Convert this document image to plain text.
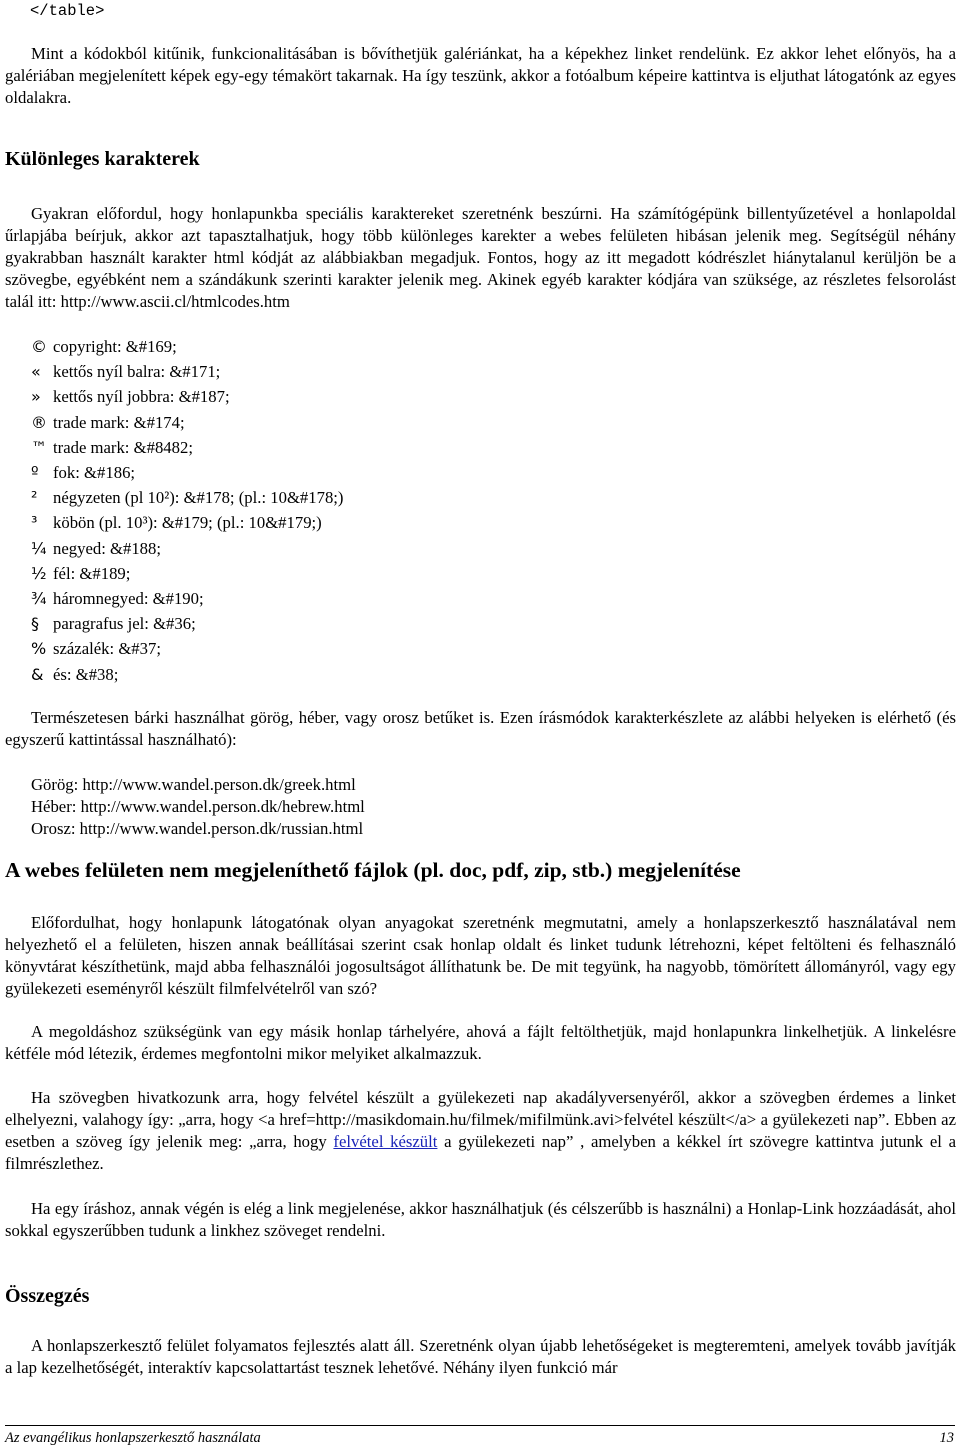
</table>
Mint a kódokból kitűnik, funkcionalitásában is bővíthetjük galériánkat, ha a képekhez linket rendelünk. Ez akkor lehet előnyös, ha a galériában megjelenített képek egy-egy témakört takarnak. Ha így teszünk, akkor a fotóalbum képeire kattintva is eljuthat látogatónk az egyes oldalakra.
Különleges karakterek
Gyakran előfordul, hogy honlapunkba speciális karaktereket szeretnénk beszúrni. Ha számítógépünk billentyűzetével a honlapoldal űrlapjába beírjuk, akkor azt tapasztalhatjuk, hogy több különleges karekter a webes felületen hibásan jelenik meg. Segítségül néhány gyakrabban használt karakter html kódját az alábbiakban megadjuk. Fontos, hogy az itt megadott kódrészlet hiánytalanul kerüljön be a szövegbe, egyébként nem a szándákunk szerinti karakter jelenik meg. Akinek egyéb karakter kódjára van szüksége, az részletes felsorolást talál itt: http://www.ascii.cl/htmlcodes.htm
© copyright: &#169;
« kettős nyíl balra: &#171;
» kettős nyíl jobbra: &#187;
® trade mark: &#174;
™ trade mark: &#8482;
º fok: &#186;
² négyzeten (pl 10²): &#178; (pl.: 10&#178;)
³ köbön (pl. 10³): &#179; (pl.: 10&#179;)
¼ negyed: &#188;
½ fél: &#189;
¾ háromnegyed: &#190;
§ paragrafus jel: &#36;
% százalék: &#37;
& és: &#38;
Természetesen bárki használhat görög, héber, vagy orosz betűket is. Ezen írásmódok karakterkészlete az alábbi helyeken is elérhető (és egyszerű kattintással használható):
Görög: http://www.wandel.person.dk/greek.html
Héber: http://www.wandel.person.dk/hebrew.html
Orosz: http://www.wandel.person.dk/russian.html
A webes felületen nem megjeleníthető fájlok (pl. doc, pdf, zip, stb.) megjelenítése
Előfordulhat, hogy honlapunk látogatónak olyan anyagokat szeretnénk megmutatni, amely a honlapszerkesztő használatával nem helyezhető el a felületen, hiszen annak beállításai szerint csak honlap oldalt és linket tudunk létrehozni, képet feltölteni és felhasználó könyvtárat készíthetünk, majd abba felhasználói jogosultságot állíthatunk be. De mit tegyünk, ha nagyobb, tömörített állományról, vagy egy gyülekezeti eseményről készült filmfelvételről van szó?
A megoldáshoz szükségünk van egy másik honlap tárhelyére, ahová a fájlt feltölthetjük, majd honlapunkra linkelhetjük. A linkelésre kétféle mód létezik, érdemes megfontolni mikor melyiket alkalmazzuk.
Ha szövegben hivatkozunk arra, hogy felvétel készült a gyülekezeti nap akadályversenyéről, akkor a szövegben érdemes a linket elhelyezni, valahogy így: „arra, hogy <a href=http://masikdomain.hu/filmek/mifilmünk.avi>felvétel készült</a> a gyülekezeti nap”. Ebben az esetben a szöveg így jelenik meg: „arra, hogy felvétel készült a gyülekezeti nap” , amelyben a kékkel írt szövegre kattintva jutunk el a filmrészlethez.
Ha egy íráshoz, annak végén is elég a link megjelenése, akkor használhatjuk (és célszerűbb is használni) a Honlap-Link hozzáadását, ahol sokkal egyszerűbben tudunk a linkhez szöveget rendelni.
Összegzés
A honlapszerkesztő felület folyamatos fejlesztés alatt áll. Szeretnénk olyan újabb lehetőségeket is megteremteni, amelyek tovább javítják a lap kezelhetőségét, interaktív kapcsolattartást tesznek lehetővé. Néhány ilyen funkció már
Az evangélikus honlapszerkesztő használata	13
